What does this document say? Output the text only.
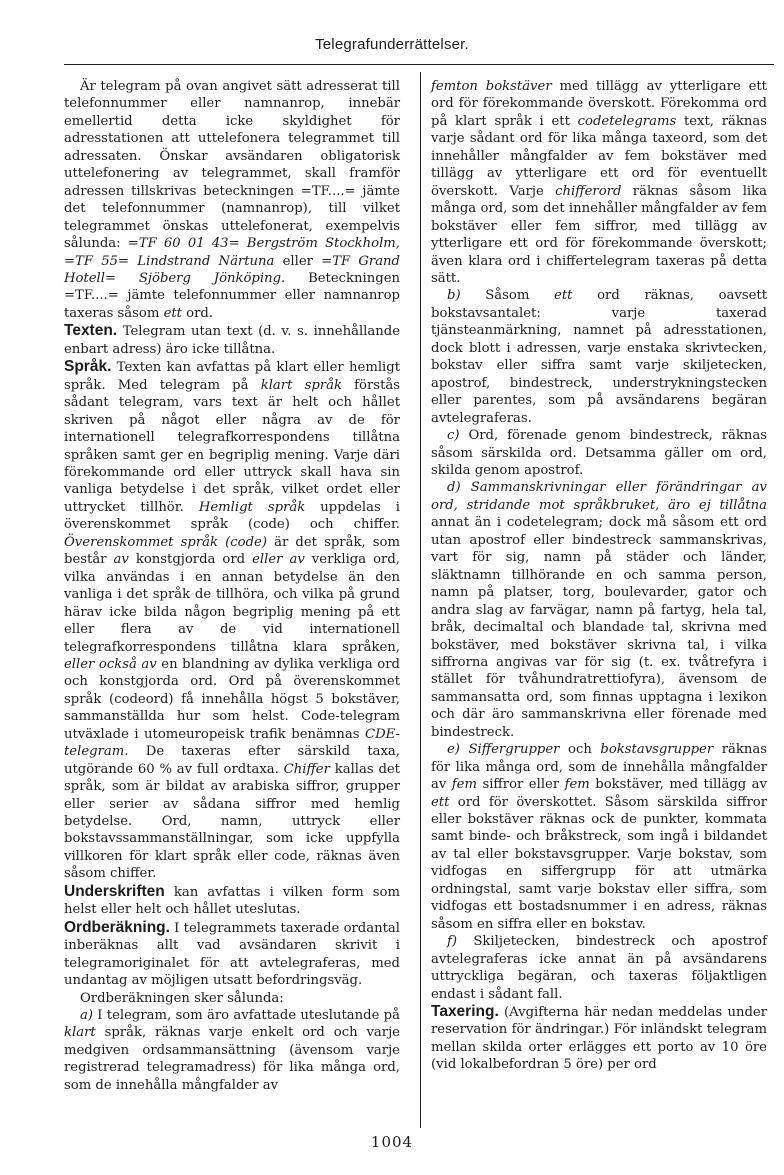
Telegrafunderrättelser.

Är telegram på ovan angivet sätt adresserat till telefonnummer eller namnanrop, innebär emellertid detta icke skyldighet för adresstationen att uttelefonera telegrammet till adressaten. Önskar avsändaren obligatorisk uttelefonering av telegrammet, skall framför adressen tillskrivas beteckningen =TF....= jämte det telefonnummer (namnanrop), till vilket telegrammet önskas uttelefonerat, exempelvis sålunda: =TF 60 01 43= Bergström Stockholm, =TF 55= Lindstrand Närtuna eller =TF Grand Hotell= Sjöberg Jönköping. Beteckningen =TF....= jämte telefonnummer eller namnanrop taxeras såsom ett ord.

Texten. Telegram utan text (d. v. s. innehållande enbart adress) äro icke tillåtna.

Språk. Texten kan avfattas på klart eller hemligt språk. Med telegram på klart språk förstås sådant telegram, vars text är helt och hållet skriven på något eller några av de för internationell telegrafkorrespondens tillåtna språken samt ger en begriplig mening. Varje däri förekommande ord eller uttryck skall hava sin vanliga betydelse i det språk, vilket ordet eller uttrycket tillhör. Hemligt språk uppdelas i överenskommet språk (code) och chiffer. Överenskommet språk (code) är det språk, som består av konstgjorda ord eller av verkliga ord, vilka användas i en annan betydelse än den vanliga i det språk de tillhöra, och vilka på grund härav icke bilda någon begriplig mening på ett eller flera av de vid internationell telegrafkorrespondens tillåtna klara språken, eller också av en blandning av dylika verkliga ord och konstgjorda ord. Ord på överenskommet språk (codeord) få innehålla högst 5 bokstäver, sammanställda hur som helst. Code-telegram utväxlade i utomeuropeisk trafik benämnas CDE-telegram. De taxeras efter särskild taxa, utgörande 60 % av full ordtaxa. Chiffer kallas det språk, som är bildat av arabiska siffror, grupper eller serier av sådana siffror med hemlig betydelse. Ord, namn, uttryck eller bokstavssammanställningar, som icke uppfylla villkoren för klart språk eller code, räknas även såsom chiffer.

Underskriften kan avfattas i vilken form som helst eller helt och hållet uteslutas.

Ordberäkning. I telegrammets taxerade ordantal inberäknas allt vad avsändaren skrivit i telegramoriginalet för att avtelegraferas, med undantag av möjligen utsatt befordringsväg.

Ordberäkningen sker sålunda:

a) I telegram, som äro avfattade uteslutande på klart språk, räknas varje enkelt ord och varje medgiven ordsammansättning (ävensom varje registrerad telegramadress) för lika många ord, som de innehålla mångfalder av

femton bokstäver med tillägg av ytterligare ett ord för förekommande överskott. Förekomma ord på klart språk i ett codetelegrams text, räknas varje sådant ord för lika många taxeord, som det innehåller mångfalder av fem bokstäver med tillägg av ytterligare ett ord för eventuellt överskott. Varje chifferord räknas såsom lika många ord, som det innehåller mångfalder av fem bokstäver eller fem siffror, med tillägg av ytterligare ett ord för förekommande överskott; även klara ord i chiffertelegram taxeras på detta sätt.

b) Såsom ett ord räknas, oavsett bokstavsantalet: varje taxerad tjänsteanmärkning, namnet på adresstationen, dock blott i adressen, varje enstaka skrivtecken, bokstav eller siffra samt varje skiljetecken, apostrof, bindestreck, understrykningstecken eller parentes, som på avsändarens begäran avtelegraferas.

c) Ord, förenade genom bindestreck, räknas såsom särskilda ord. Detsamma gäller om ord, skilda genom apostrof.

d) Sammanskrivningar eller förändringar av ord, stridande mot språkbruket, äro ej tillåtna annat än i codetelegram; dock må såsom ett ord utan apostrof eller bindestreck sammanskrivas, vart för sig, namn på städer och länder, släktnamn tillhörande en och samma person, namn på platser, torg, boulevarder, gator och andra slag av farvägar, namn på fartyg, hela tal, bråk, decimaltal och blandade tal, skrivna med bokstäver, med bokstäver skrivna tal, i vilka siffrorna angivas var för sig (t. ex. tvåtrefyra i stället för tvåhundratrettiofyra), ävensom de sammansatta ord, som finnas upptagna i lexikon och där äro sammanskrivna eller förenade med bindestreck.

e) Siffergrupper och bokstavsgrupper räknas för lika många ord, som de innehålla mångfalder av fem siffror eller fem bokstäver, med tillägg av ett ord för överskottet. Såsom särskilda siffror eller bokstäver räknas ock de punkter, kommata samt binde- och bråkstreck, som ingå i bildandet av tal eller bokstavsgrupper. Varje bokstav, som vidfogas en siffergrupp för att utmärka ordningstal, samt varje bokstav eller siffra, som vidfogas ett bostadsnummer i en adress, räknas såsom en siffra eller en bokstav.

f) Skiljetecken, bindestreck och apostrof avtelegraferas icke annat än på avsändarens uttryckliga begäran, och taxeras följaktligen endast i sådant fall.

Taxering. (Avgifterna här nedan meddelas under reservation för ändringar.) För inländskt telegram mellan skilda orter erlägges ett porto av 10 öre (vid lokalbefordran 5 öre) per ord

1004
